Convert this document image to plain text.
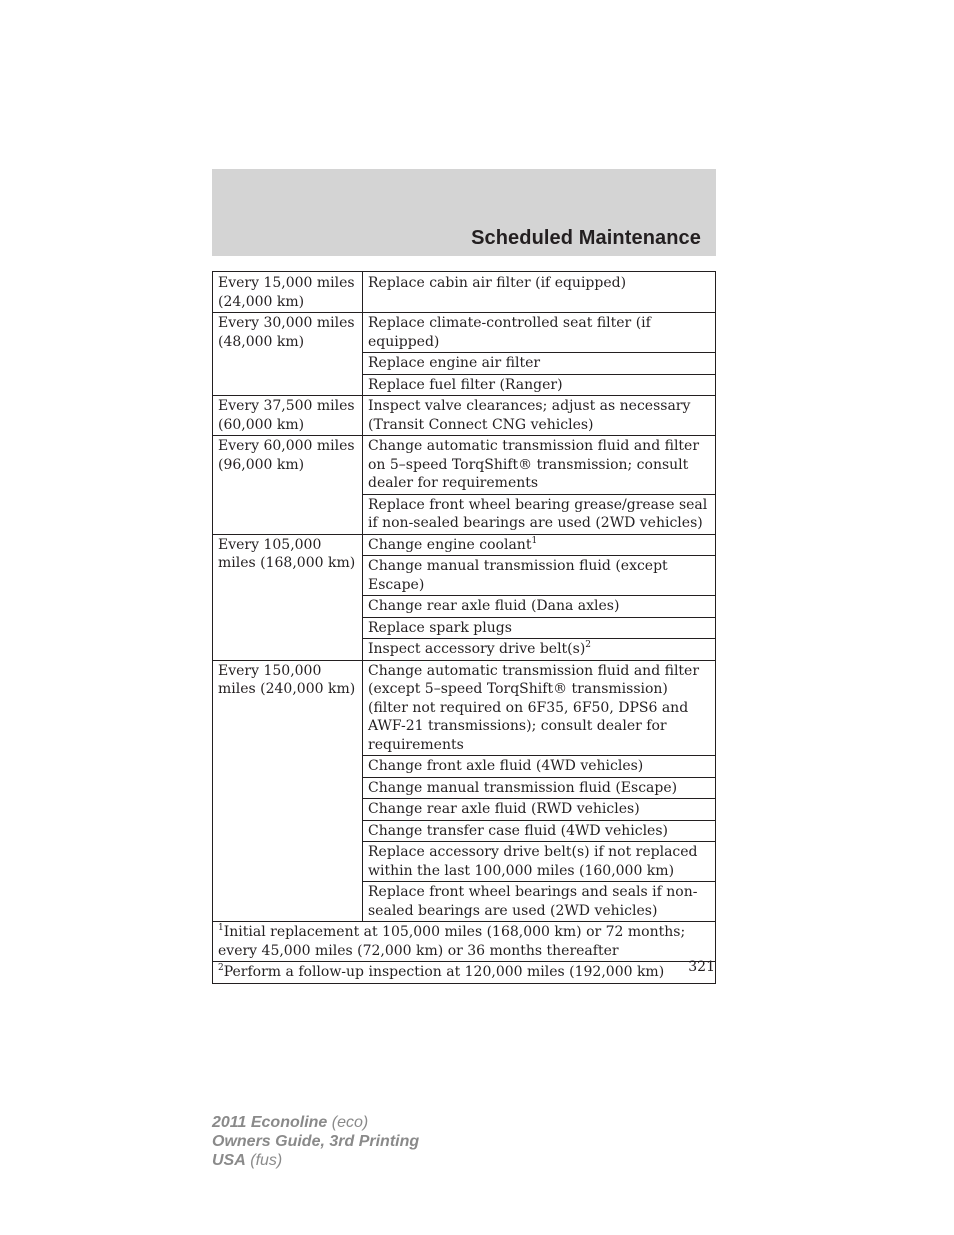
Scheduled Maintenance
Every 15,000 miles (24,000 km)	Replace cabin air filter (if equipped)
Every 30,000 miles (48,000 km)	Replace climate-controlled seat filter (if equipped)
	Replace engine air filter
	Replace fuel filter (Ranger)
Every 37,500 miles (60,000 km)	Inspect valve clearances; adjust as necessary (Transit Connect CNG vehicles)
Every 60,000 miles (96,000 km)	Change automatic transmission fluid and filter on 5–speed TorqShift® transmission; consult dealer for requirements
	Replace front wheel bearing grease/grease seal if non-sealed bearings are used (2WD vehicles)
Every 105,000 miles (168,000 km)	Change engine coolant$^1$
	Change manual transmission fluid (except Escape)
	Change rear axle fluid (Dana axles)
	Replace spark plugs
	Inspect accessory drive $belt(s)^2$
Every 150,000 miles (240,000 km)	Change automatic transmission fluid and filter (except 5–speed TorqShift® transmission) (filter not required on 6F35, 6F50, DPS6 and AWF-21 transmissions); consult dealer for requirements
	Change front axle fluid (4WD vehicles)
	Change manual transmission fluid (Escape)
	Change rear axle fluid (RWD vehicles)
	Change transfer case fluid (4WD vehicles)
	Replace accessory drive belt(s) if not replaced within the last 100,000 miles (160,000 km)
	Replace front wheel bearings and seals if non-sealed bearings are used (2WD vehicles)
$^1$Initial replacement at 105,000 miles (168,000 km) or 72 months; every 45,000 miles (72,000 km) or 36 months thereafter	
$^2$Perform a follow-up inspection at 120,000 miles (192,000 km)	321
2011 Econoline (eco)
Owners Guide, 3rd Printing
USA (fus)
